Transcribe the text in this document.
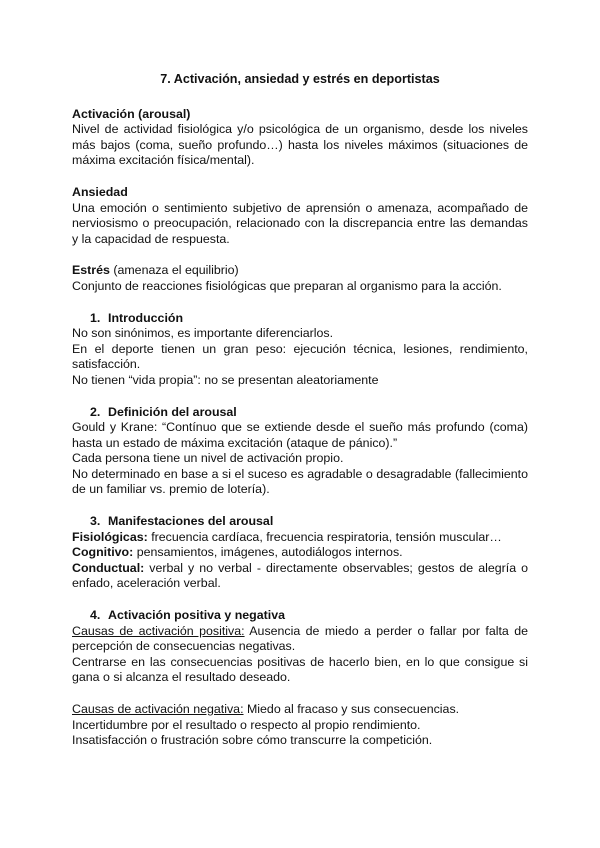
7. Activación, ansiedad y estrés en deportistas

Activación (arousal)

Nivel de actividad fisiológica y/o psicológica de un organismo, desde los niveles más bajos (coma, sueño profundo…) hasta los niveles máximos (situaciones de máxima excitación física/mental).

Ansiedad

Una emoción o sentimiento subjetivo de aprensión o amenaza, acompañado de nerviosismo o preocupación, relacionado con la discrepancia entre las demandas y la capacidad de respuesta.

Estrés (amenaza el equilibrio)

Conjunto de reacciones fisiológicas que preparan al organismo para la acción.

1. Introducción

No son sinónimos, es importante diferenciarlos.

En el deporte tienen un gran peso: ejecución técnica, lesiones, rendimiento, satisfacción.

No tienen “vida propia”: no se presentan aleatoriamente

2. Definición del arousal

Gould y Krane: “Contínuo que se extiende desde el sueño más profundo (coma) hasta un estado de máxima excitación (ataque de pánico).”

Cada persona tiene un nivel de activación propio.

No determinado en base a si el suceso es agradable o desagradable (fallecimiento de un familiar vs. premio de lotería).

3. Manifestaciones del arousal

Fisiológicas: frecuencia cardíaca, frecuencia respiratoria, tensión muscular…

Cognitivo: pensamientos, imágenes, autodiálogos internos.

Conductual: verbal y no verbal - directamente observables; gestos de alegría o enfado, aceleración verbal.

4. Activación positiva y negativa

Causas de activación positiva: Ausencia de miedo a perder o fallar por falta de percepción de consecuencias negativas.

Centrarse en las consecuencias positivas de hacerlo bien, en lo que consigue si gana o si alcanza el resultado deseado.

Causas de activación negativa: Miedo al fracaso y sus consecuencias.

Incertidumbre por el resultado o respecto al propio rendimiento.

Insatisfacción o frustración sobre cómo transcurre la competición.
